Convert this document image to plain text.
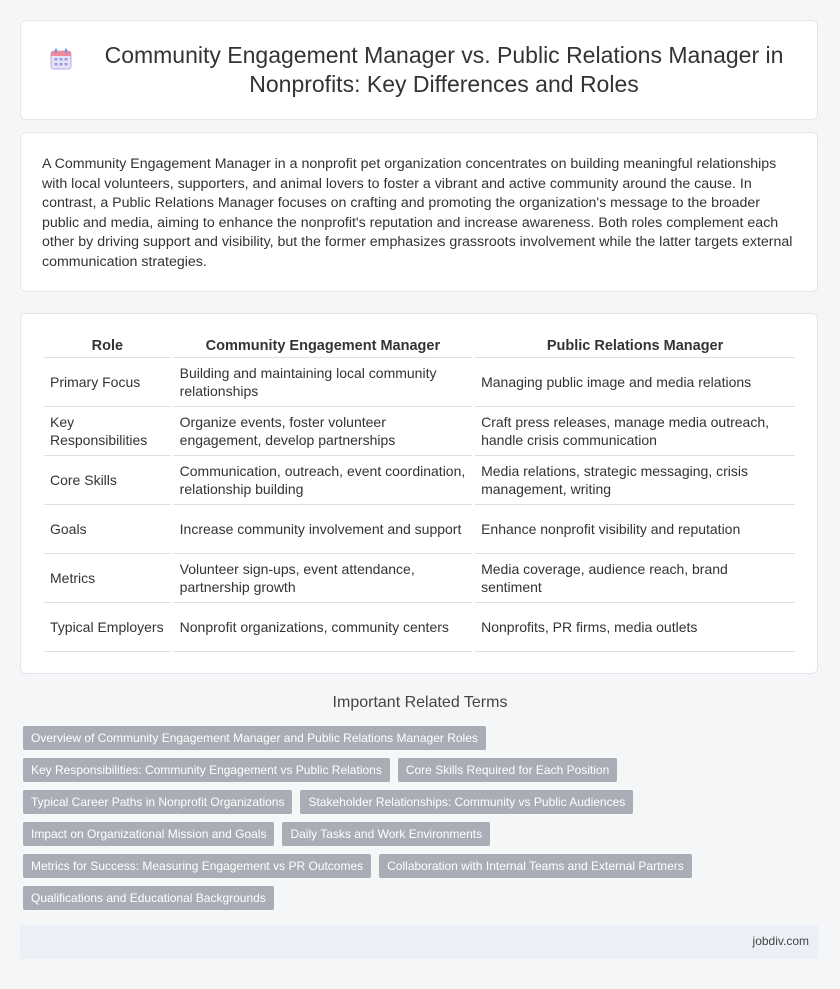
Community Engagement Manager vs. Public Relations Manager in Nonprofits: Key Differences and Roles

A Community Engagement Manager in a nonprofit pet organization concentrates on building meaningful relationships with local volunteers, supporters, and animal lovers to foster a vibrant and active community around the cause. In contrast, a Public Relations Manager focuses on crafting and promoting the organization's message to the broader public and media, aiming to enhance the nonprofit's reputation and increase awareness. Both roles complement each other by driving support and visibility, but the former emphasizes grassroots involvement while the latter targets external communication strategies.

Role	Community Engagement Manager	Public Relations Manager
Primary Focus	Building and maintaining local community relationships	Managing public image and media relations
Key Responsibilities	Organize events, foster volunteer engagement, develop partnerships	Craft press releases, manage media outreach, handle crisis communication
Core Skills	Communication, outreach, event coordination, relationship building	Media relations, strategic messaging, crisis management, writing
Goals	Increase community involvement and support	Enhance nonprofit visibility and reputation
Metrics	Volunteer sign-ups, event attendance, partnership growth	Media coverage, audience reach, brand sentiment
Typical Employers	Nonprofit organizations, community centers	Nonprofits, PR firms, media outlets
Important Related Terms
Overview of Community Engagement Manager and Public Relations Manager Roles
Key Responsibilities: Community Engagement vs Public Relations	Core Skills Required for Each Position
Typical Career Paths in Nonprofit Organizations	Stakeholder Relationships: Community vs Public Audiences
Impact on Organizational Mission and Goals	Daily Tasks and Work Environments
Metrics for Success: Measuring Engagement vs PR Outcomes	Collaboration with Internal Teams and External Partners
Qualifications and Educational Backgrounds
jobdiv.com
